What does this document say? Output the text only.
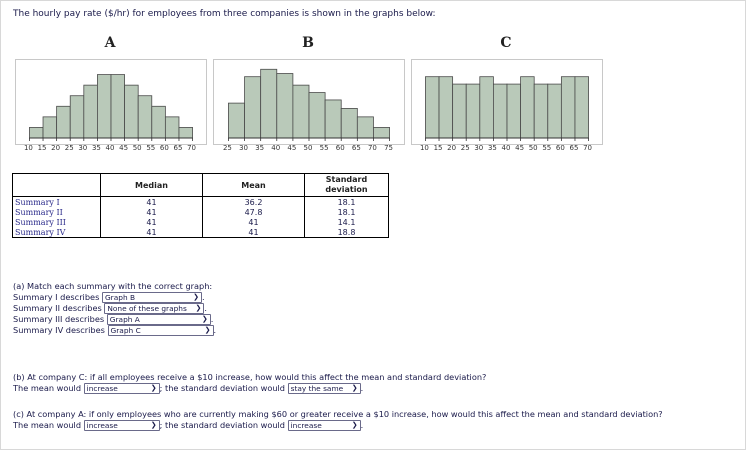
The hourly pay rate ($/hr) for employees from three companies is shown in the graphs below:
A
10 15 20 25 30 35 40 45 50 55 60 65 70
B
25 30 35 40 45 50 55 60 65 70 75
C
10 15 20 25 30 35 40 45 50 55 60 65 70
	Median	Mean	Standard
deviation
Summary I	41	36.2	18.1
Summary II	41	47.8	18.1
Summary III	41	41	14.1
Summary IV	41	41	18.8
(a) Match each summary with the correct graph:
Summary I describes Graph B	❯ .
Summary II describes None of these graphs ❯ .
Summary III describes Graph A	❯ .
Summary IV describes Graph C	❯ .
(b) At company C: if all employees receive a $10 increase, how would this affect the mean and standard deviation?
The mean would increase	❯ ; the standard deviation would stay the same ❯ .
(c) At company A: if only employees who are currently making $60 or greater receive a $10 increase, how would this affect the mean and standard deviation?
The mean would increase	❯ ; the standard deviation would increase	❯ .
